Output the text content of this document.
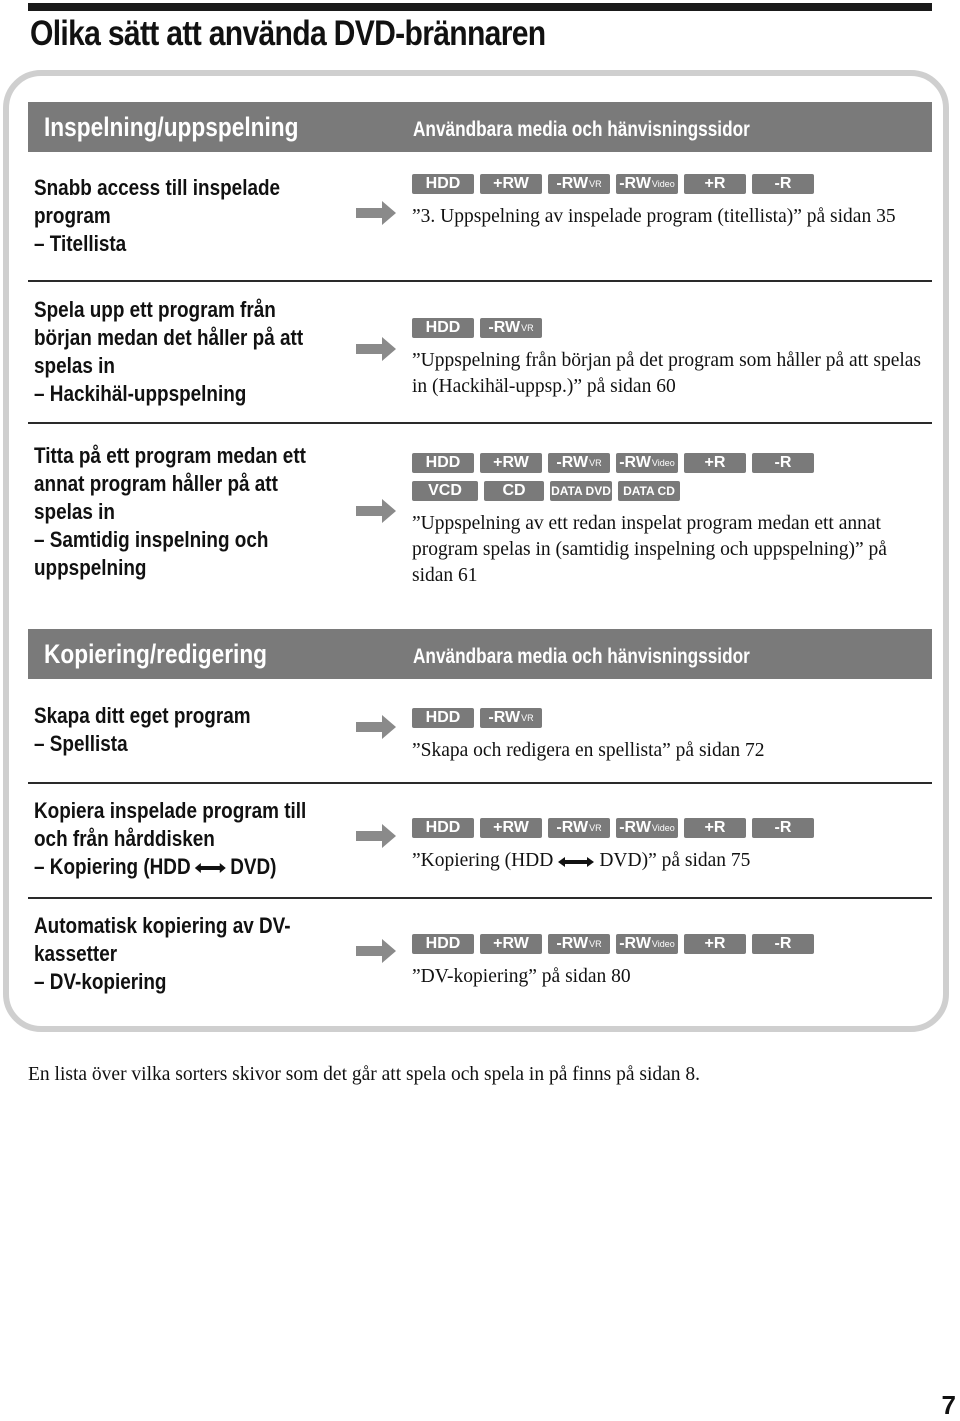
Olika sätt att använda DVD-brännaren
Inspelning/uppspelning	Användbara media och hänvisningssidor
Snabb access till inspelade
program
– Titellista
HDD	+RW	-RW VR -RW Video	+R	-R
”3. Uppspelning av inspelade program (titellista)” på sidan 35
Spela upp ett program från
början medan det håller på att
spelas in
– Hackihäl-uppspelning
HDD	-RW VR
”Uppspelning från början på det program som håller på att spelas in (Hackihäl-uppsp.)” på sidan 60
Titta på ett program medan ett
annat program håller på att
spelas in
– Samtidig inspelning och
uppspelning
HDD	+RW	-RW VR -RW Video	+R	-R
VCD	CD	DATA DVD	DATA CD
”Uppspelning av ett redan inspelat program medan ett annat program spelas in (samtidig inspelning och uppspelning)” på sidan 61
Kopiering/redigering	Användbara media och hänvisningssidor
Skapa ditt eget program
– Spellista
HDD	-RW VR
”Skapa och redigera en spellista” på sidan 72
Kopiera inspelade program till
och från hårddisken
– Kopiering (HDD DVD)
HDD	+RW	-RW VR -RW Video	+R	-R
”Kopiering (HDD DVD)” på sidan 75
Automatisk kopiering av DV-
kassetter
– DV-kopiering
HDD	+RW	-RW VR -RW Video	+R	-R
”DV-kopiering” på sidan 80
En lista över vilka sorters skivor som det går att spela och spela in på finns på sidan 8.
7
